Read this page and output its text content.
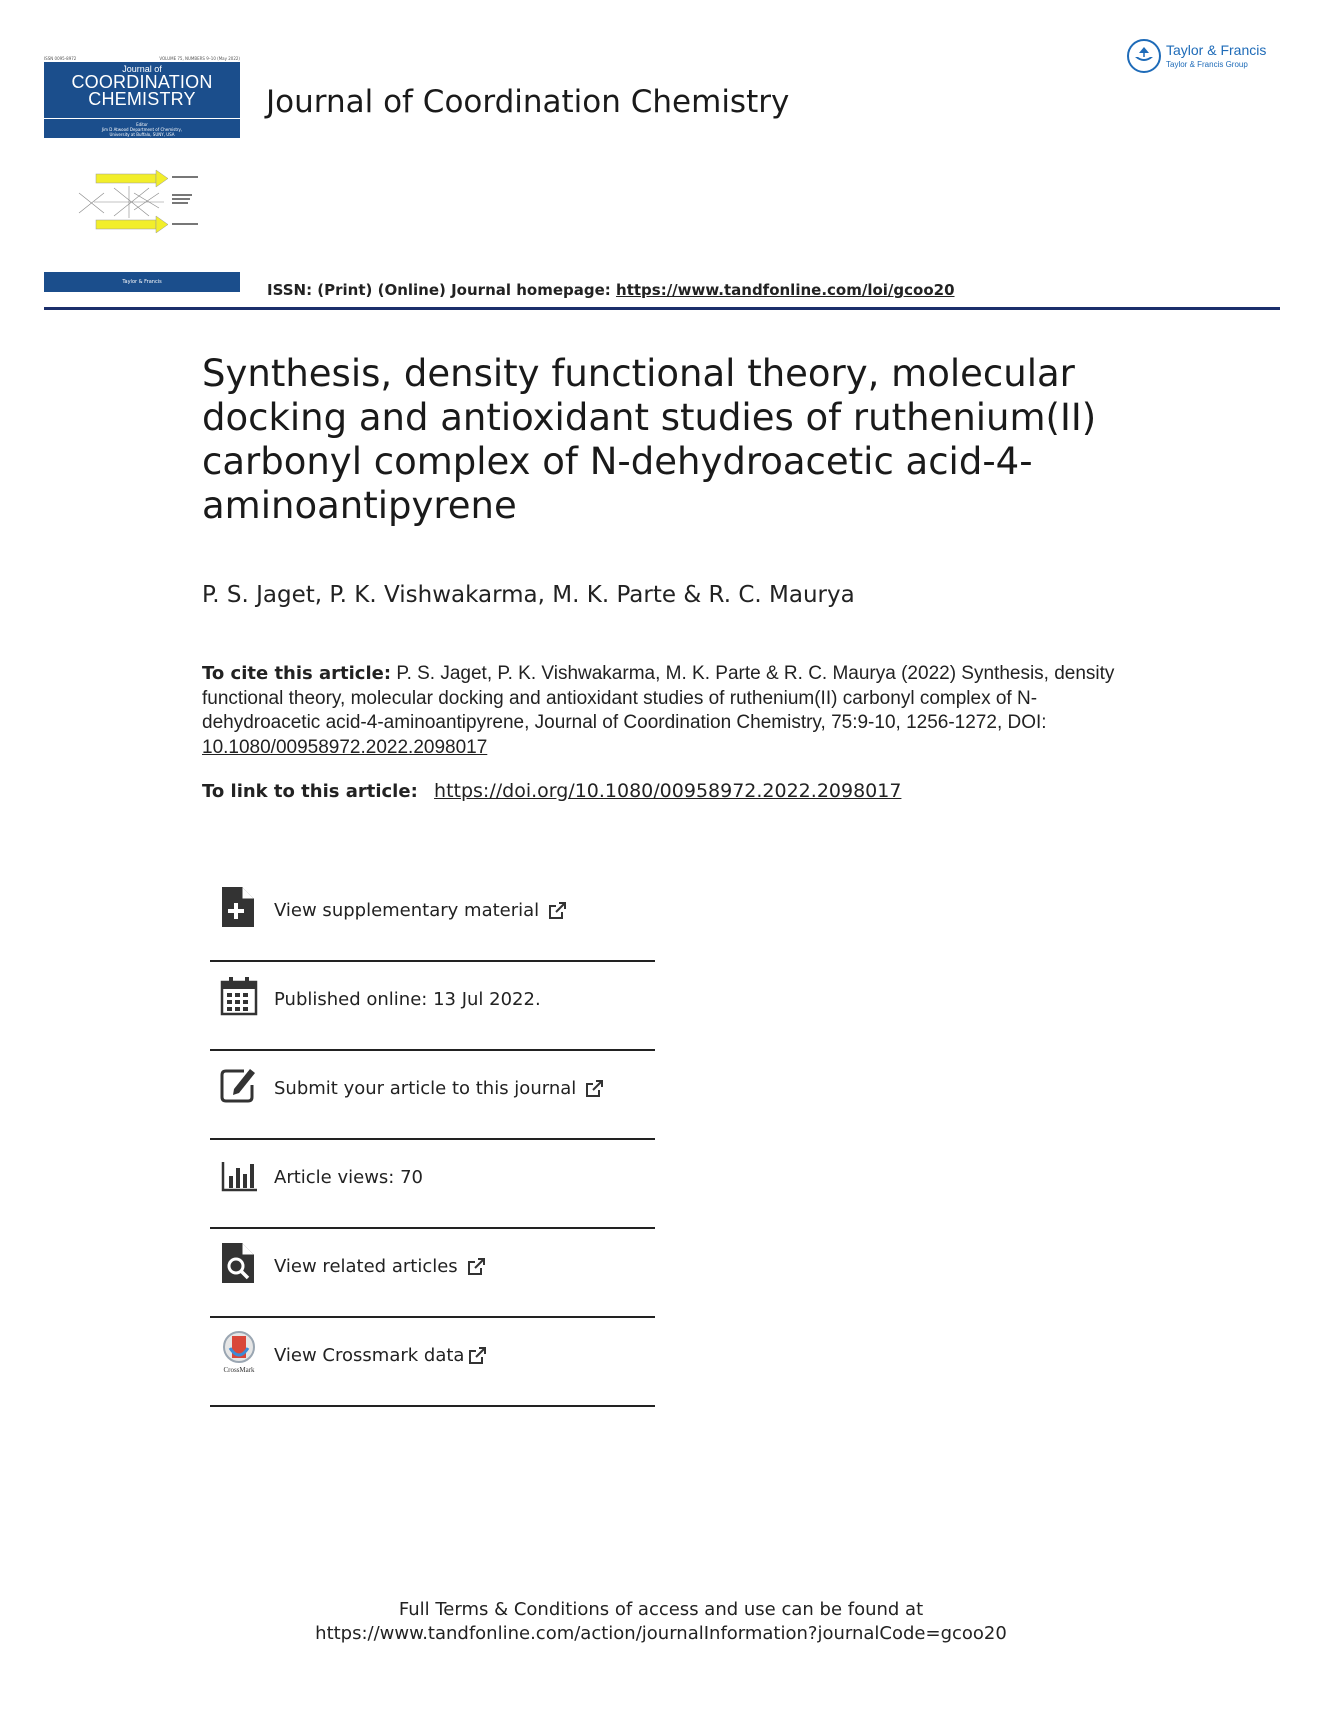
ISSN 0095-8972	VOLUME 75, NUMBERS 9–10 (May 2022)
Journal of
COORDINATION
CHEMISTRY
Editor
Jim D Atwood Department of Chemistry,
University at Buffalo, SUNY, USA
Taylor & Francis
Journal of Coordination Chemistry
Taylor & Francis
Taylor & Francis Group
ISSN: (Print) (Online) Journal homepage: https://www.tandfonline.com/loi/gcoo20
Synthesis, density functional theory, molecular docking and antioxidant studies of ruthenium(II) carbonyl complex of N-dehydroacetic acid-4-aminoantipyrene
P. S. Jaget, P. K. Vishwakarma, M. K. Parte & R. C. Maurya
To cite this article: P. S. Jaget, P. K. Vishwakarma, M. K. Parte & R. C. Maurya (2022) Synthesis, density functional theory, molecular docking and antioxidant studies of ruthenium(II) carbonyl complex of N-dehydroacetic acid-4-aminoantipyrene, Journal of Coordination Chemistry, 75:9-10, 1256-1272, DOI: 10.1080/00958972.2022.2098017
To link to this article: https://doi.org/10.1080/00958972.2022.2098017
View supplementary material
Published online: 13 Jul 2022.
Submit your article to this journal
Article views: 70
View related articles
CrossMark
View Crossmark data
Full Terms & Conditions of access and use can be found at
https://www.tandfonline.com/action/journalInformation?journalCode=gcoo20
